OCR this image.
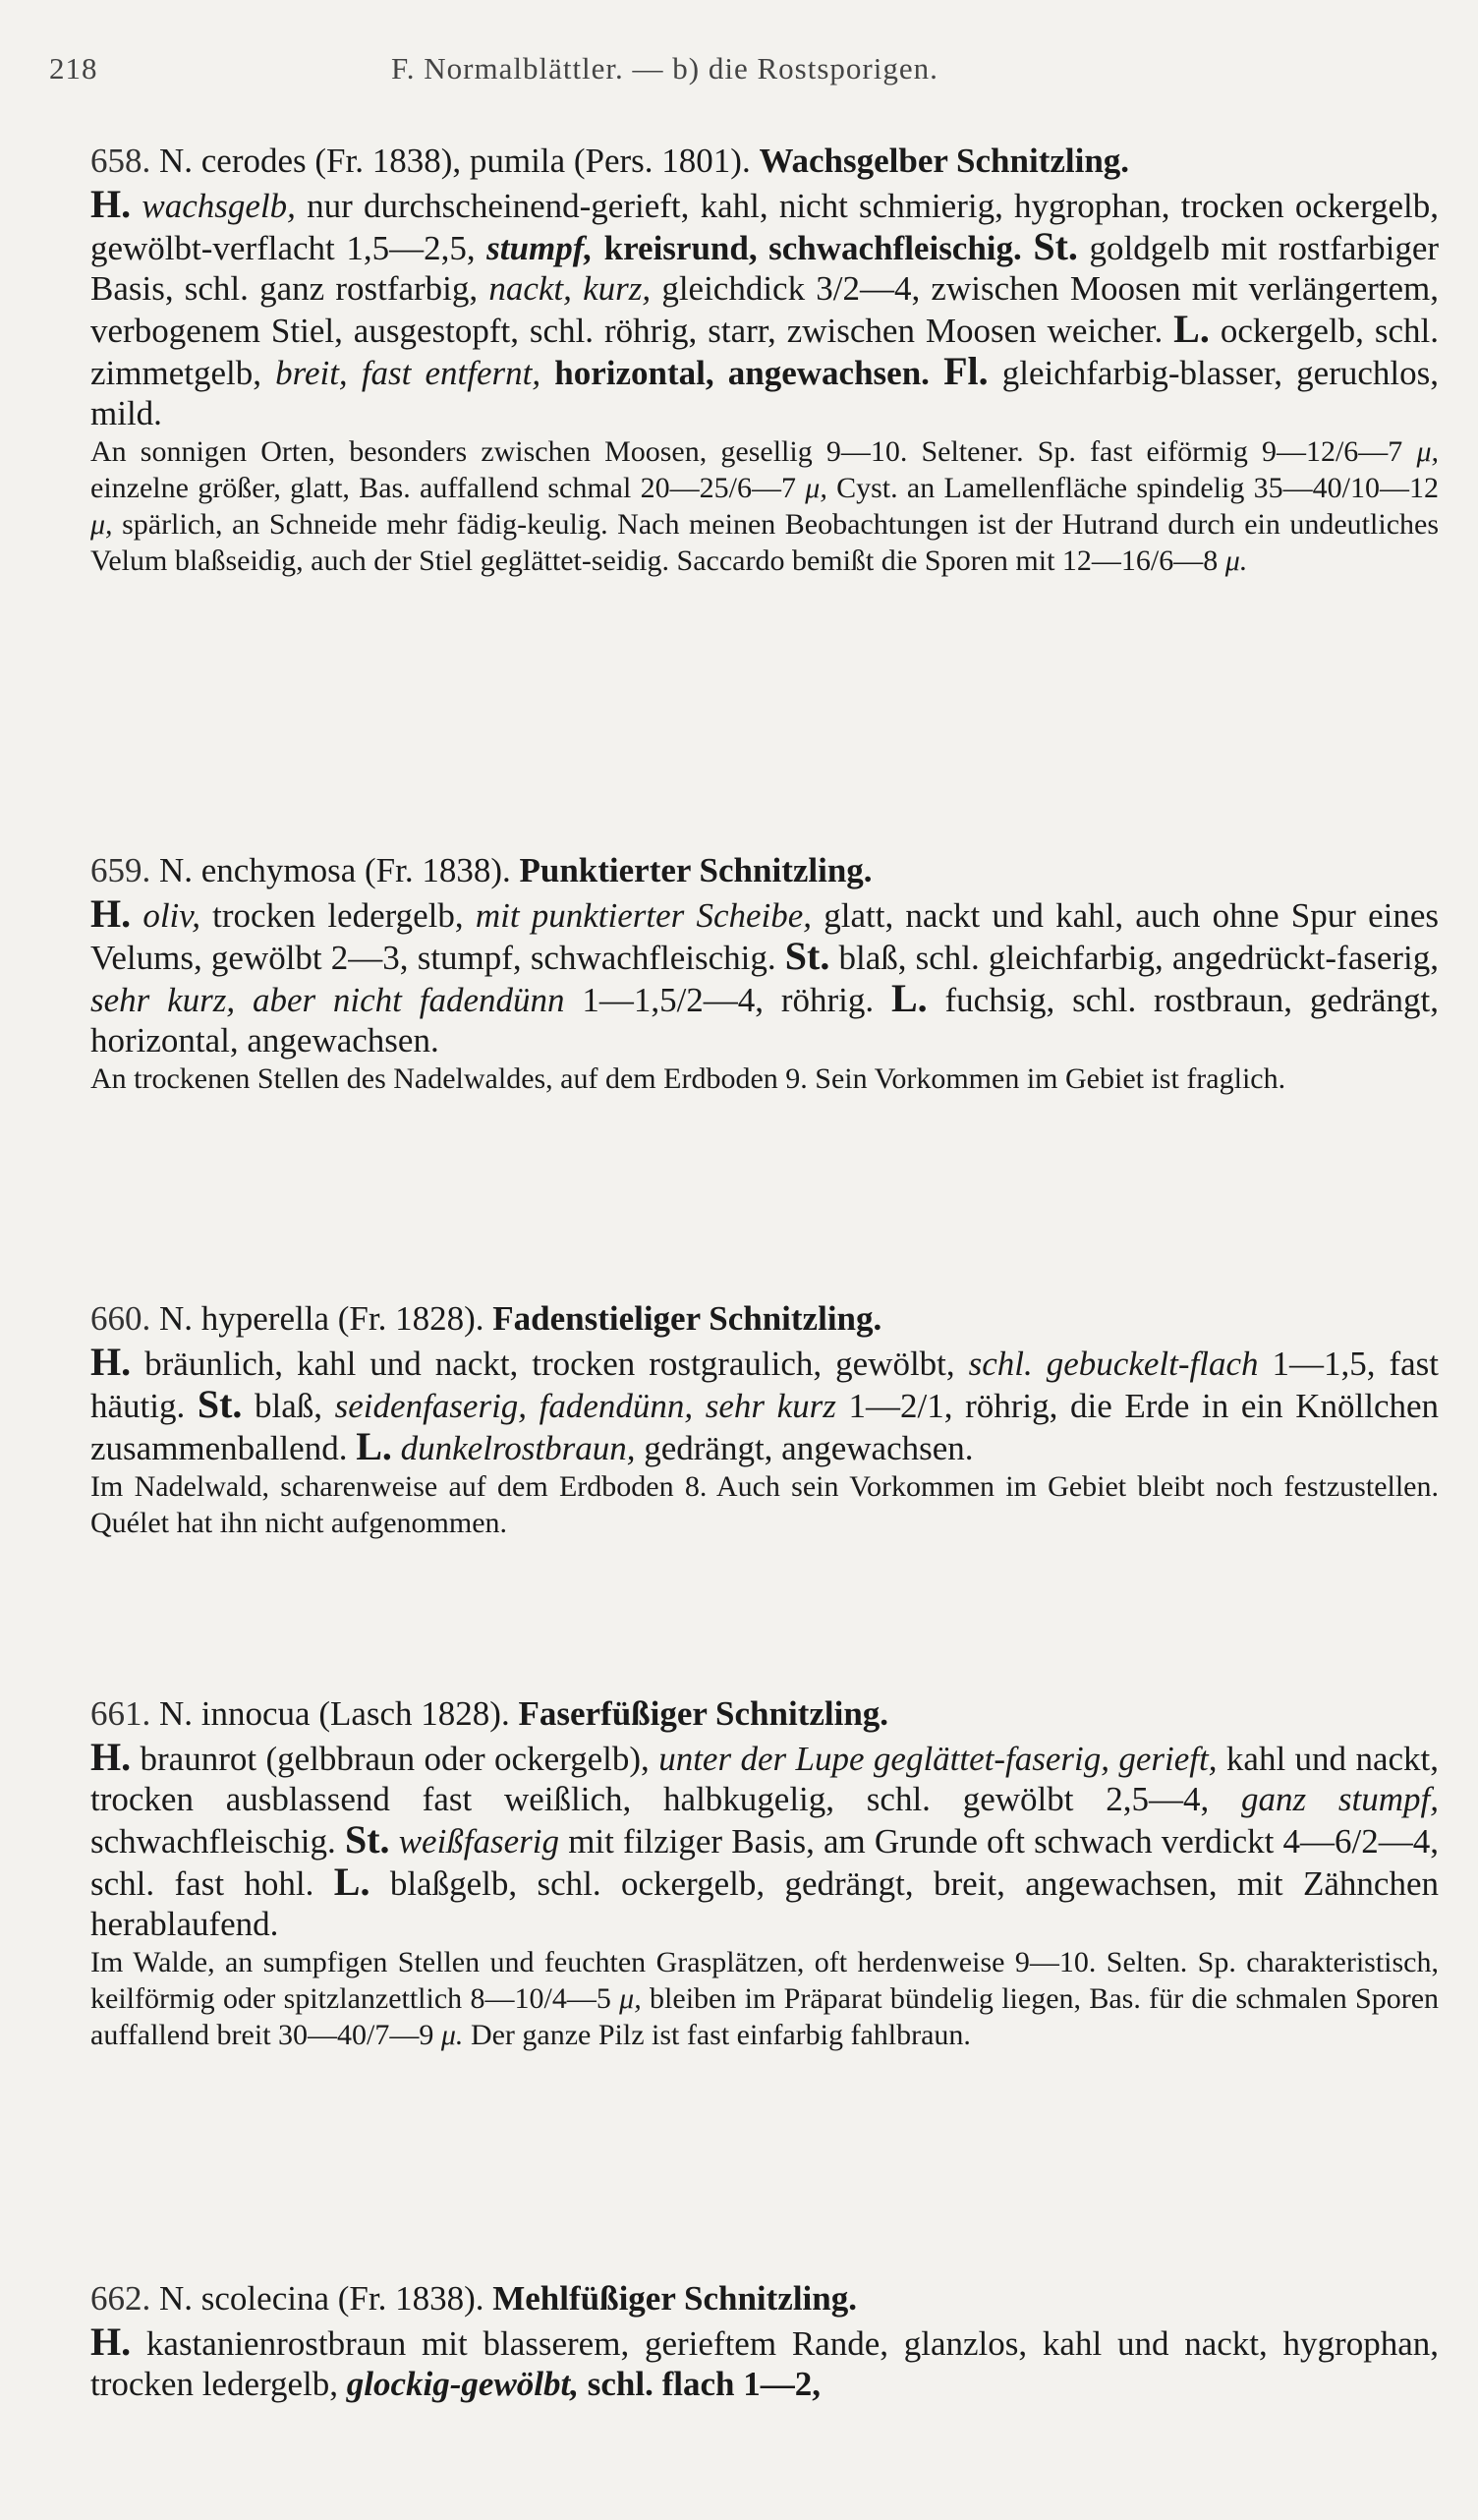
218	F. Normalblättler. — b) die Rostsporigen.

658. N. cerodes (Fr. 1838), pumila (Pers. 1801). Wachsgelber Schnitzling.

H. wachsgelb, nur durchscheinend-gerieft, kahl, nicht schmierig, hygrophan, trocken ockergelb, gewölbt-verflacht 1,5—2,5, stumpf, kreisrund, schwachfleischig. St. goldgelb mit rostfarbiger Basis, schl. ganz rostfarbig, nackt, kurz, gleichdick 3/2—4, zwischen Moosen mit verlängertem, verbogenem Stiel, ausgestopft, schl. röhrig, starr, zwischen Moosen weicher. L. ockergelb, schl. zimmetgelb, breit, fast entfernt, horizontal, angewachsen. Fl. gleichfarbig-blasser, geruchlos, mild.

An sonnigen Orten, besonders zwischen Moosen, gesellig 9—10. Seltener. Sp. fast eiförmig 9—12/6—7 μ, einzelne größer, glatt, Bas. auffallend schmal 20—25/6—7 μ, Cyst. an Lamellenfläche spindelig 35—40/10—12 μ, spärlich, an Schneide mehr fädig-keulig. Nach meinen Beobachtungen ist der Hutrand durch ein undeutliches Velum blaßseidig, auch der Stiel geglättet-seidig. Saccardo bemißt die Sporen mit 12—16/6—8 μ.

659. N. enchymosa (Fr. 1838). Punktierter Schnitzling.

H. oliv, trocken ledergelb, mit punktierter Scheibe, glatt, nackt und kahl, auch ohne Spur eines Velums, gewölbt 2—3, stumpf, schwachfleischig. St. blaß, schl. gleichfarbig, angedrückt-faserig, sehr kurz, aber nicht fadendünn 1—1,5/2—4, röhrig. L. fuchsig, schl. rostbraun, gedrängt, horizontal, angewachsen.

An trockenen Stellen des Nadelwaldes, auf dem Erdboden 9. Sein Vorkommen im Gebiet ist fraglich.

660. N. hyperella (Fr. 1828). Fadenstieliger Schnitzling.

H. bräunlich, kahl und nackt, trocken rostgraulich, gewölbt, schl. gebuckelt-flach 1—1,5, fast häutig. St. blaß, seidenfaserig, fadendünn, sehr kurz 1—2/1, röhrig, die Erde in ein Knöllchen zusammenballend. L. dunkelrostbraun, gedrängt, angewachsen.

Im Nadelwald, scharenweise auf dem Erdboden 8. Auch sein Vorkommen im Gebiet bleibt noch festzustellen. Quélet hat ihn nicht aufgenommen.

661. N. innocua (Lasch 1828). Faserfüßiger Schnitzling.

H. braunrot (gelbbraun oder ockergelb), unter der Lupe geglättet-faserig, gerieft, kahl und nackt, trocken ausblassend fast weißlich, halbkugelig, schl. gewölbt 2,5—4, ganz stumpf, schwachfleischig. St. weißfaserig mit filziger Basis, am Grunde oft schwach verdickt 4—6/2—4, schl. fast hohl. L. blaßgelb, schl. ockergelb, gedrängt, breit, angewachsen, mit Zähnchen herablaufend.

Im Walde, an sumpfigen Stellen und feuchten Grasplätzen, oft herdenweise 9—10. Selten. Sp. charakteristisch, keilförmig oder spitzlanzettlich 8—10/4—5 μ, bleiben im Präparat bündelig liegen, Bas. für die schmalen Sporen auffallend breit 30—40/7—9 μ. Der ganze Pilz ist fast einfarbig fahlbraun.

662. N. scolecina (Fr. 1838). Mehlfüßiger Schnitzling.

H. kastanienrostbraun mit blasserem, gerieftem Rande, glanzlos, kahl und nackt, hygrophan, trocken ledergelb, glockig-gewölbt, schl. flach 1—2,
